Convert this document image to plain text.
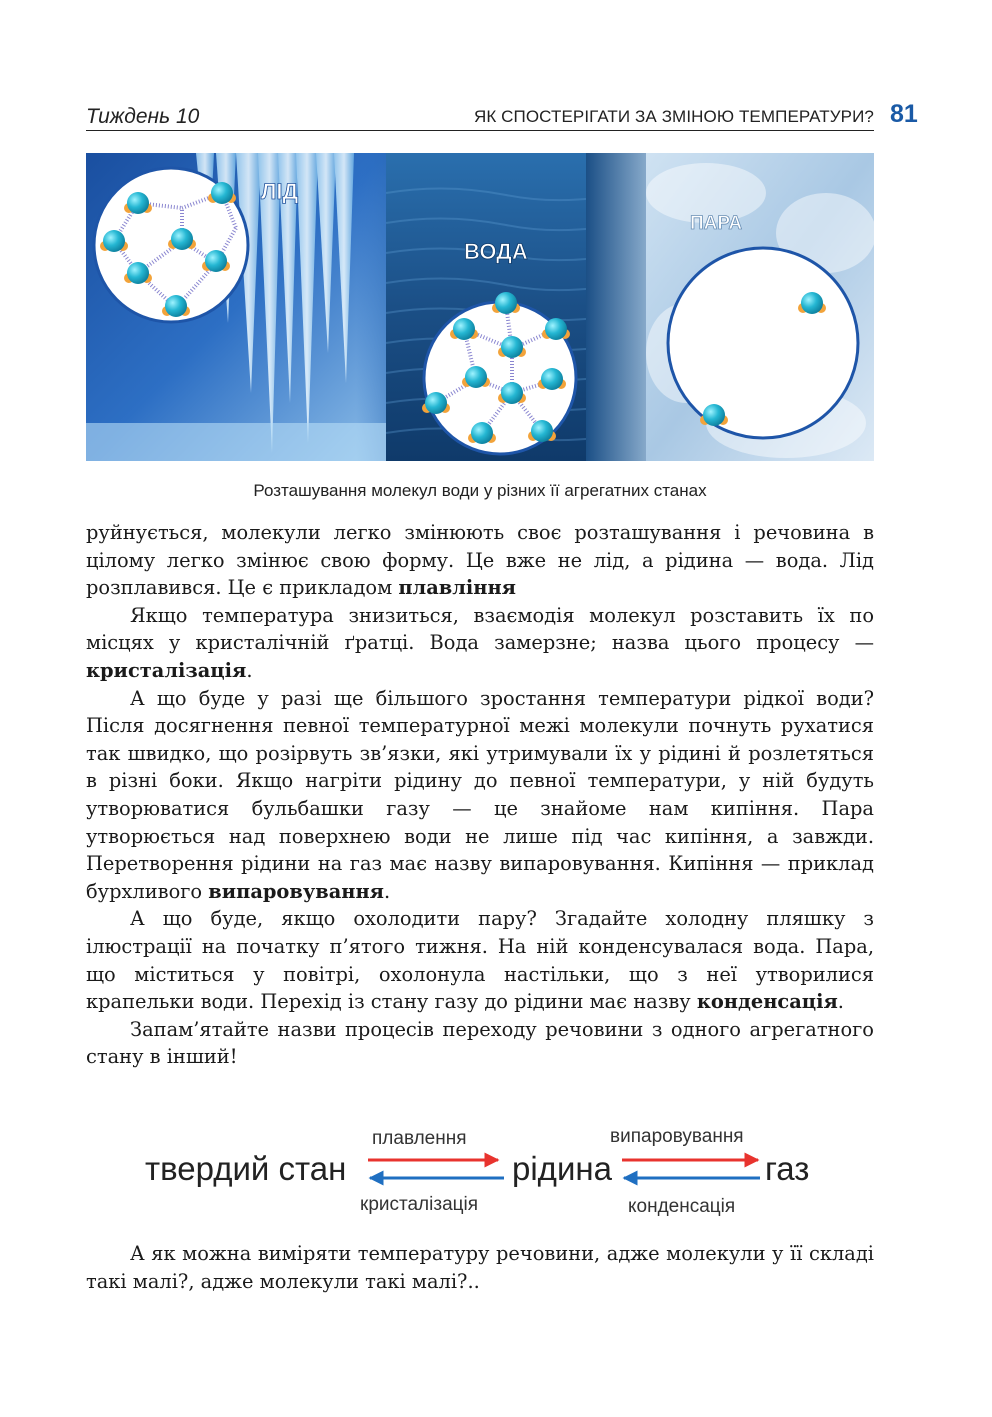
Тиждень 10	ЯК СПОСТЕРІГАТИ ЗА ЗМІНОЮ ТЕМПЕРАТУРИ? 81
ЛІД
ВОДА
ПАРА
Розташування молекул води у різних її агрегатних станах

руйнується, молекули легко змінюють своє розташування і речовина в цілому легко змінює свою форму. Це вже не лід, а рідина — вода. Лід розплавився. Це є прикладом плавління

Якщо температура знизиться, взаємодія молекул розставить їх по місцях у кристалічній ґратці. Вода замерзне; назва цього процесу — кристалізація.

А що буде у разі ще більшого зростання температури рідкої води? Після досягнення певної температурної межі молекули почнуть рухатися так швидко, що розірвуть зв’язки, які утримували їх у рідині й розлетяться в різні боки. Якщо нагріти рідину до певної температури, у ній будуть утворюватися бульбашки газу — це знайоме нам кипіння. Пара утворюється над поверхнею води не лише під час кипіння, а завжди. Перетворення рідини на газ має назву випаровування. Кипіння — приклад бурхливого випаровування.

А що буде, якщо охолодити пару? Згадайте холодну пляшку з ілюстрації на початку п’ятого тижня. На ній конденсувалася вода. Пара, що міститься у повітрі, охолонула настільки, що з неї утворилися крапельки води. Перехід із стану газу до рідини має назву конденсація.

Запам’ятайте назви процесів переходу речовини з одного агрегатного стану в інший!

твердий стан	рідина	газ
плавлення
кристалізація
випаровування
конденсація

А як можна виміряти температуру речовини, адже молекули у її складі такі малі?, адже молекули такі малі?..
